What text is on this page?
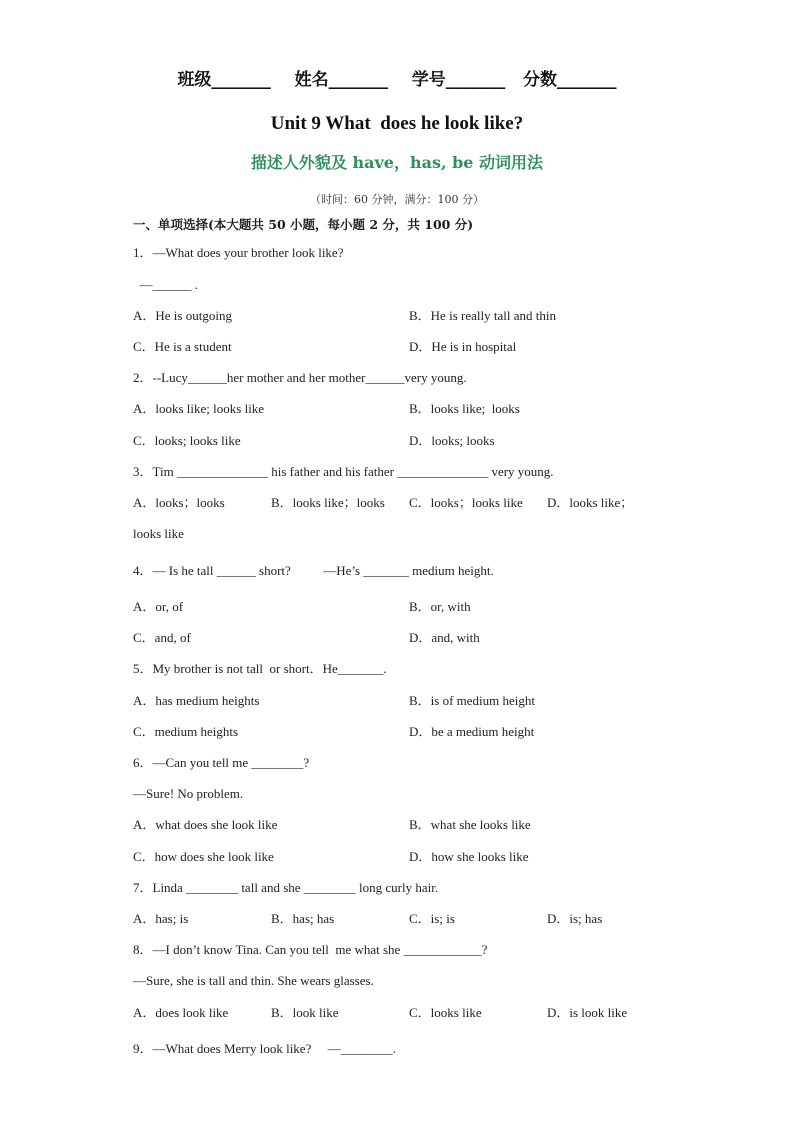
班级_______    姓名_______    学号_______   分数_______
Unit 9 What  does he look like?
描述人外貌及 have，has, be 动词用法
（时间：60 分钟，满分：100 分）
一、单项选择(本大题共 50 小题，每小题 2 分，共 100 分)
1．—What does your brother look like?
—______ .
A．He is outgoing	B．He is really tall and thin
C．He is a student	D．He is in hospital
2．--Lucy______her mother and her mother______very young.
A．looks like; looks like	B．looks like;  looks
C．looks; looks like	D．looks; looks
3．Tim ______________ his father and his father ______________ very young.
A．looks；looks	B．looks like；looks C．looks；looks like D．looks like；
looks like
4．— Is he tall ______ short?          —He’s _______ medium height.
A．or, of	B．or, with
C．and, of	D．and, with
5．My brother is not tall  or short．He_______.
A．has medium heights	B．is of medium height
C．medium heights	D．be a medium height
6．—Can you tell me ________?
—Sure! No problem.
A．what does she look like	B．what she looks like
C．how does she look like	D．how she looks like
7．Linda ________ tall and she ________ long curly hair.
A．has; is	B．has; has	C．is; is	D．is; has
8．—I don’t know Tina. Can you tell  me what she ____________?
—Sure, she is tall and thin. She wears glasses.
A．does look like	B．look like	C．looks like	D．is look like
9．—What does Merry look like?     —________.
